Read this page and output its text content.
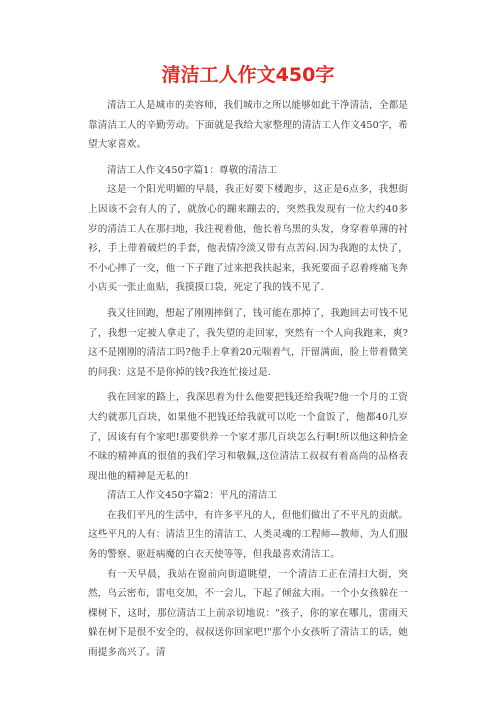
清洁工人作文450字

清洁工人是城市的美容师，我们城市之所以能够如此干净清洁，全都是靠清洁工人的辛勤劳动。下面就是我给大家整理的清洁工人作文450字，希望大家喜欢。

清洁工人作文450字篇1：尊敬的清洁工

这是一个阳光明媚的早晨，我正好要下楼跑步，这正是6点多，我想街上因该不会有人的了，就放心的蹦来蹦去的，突然我发现有一位大约40多岁的清洁工人在那扫地，我注视着他，他长着乌黑的头发，身穿着单薄的衬衫，手上带着破烂的手套，他表情冷淡又带有点苦闷.因为我跑的太快了，不小心摔了一交，他一下子跑了过来把我扶起来，我死要面子忍着疼痛飞奔小店买一张止血贴，我摸摸口袋，死定了我的钱不见了.

我又往回跑，想起了刚刚摔倒了，钱可能在那掉了，我跑回去可钱不见了，我想一定被人拿走了，我失望的走回家，突然有一个人向我跑来，爽?这不是刚刚的清洁工吗?他手上拿着20元喘着气，汗留满面，脸上带着微笑的问我：这是不是你掉的钱?我连忙接过是.

我在回家的路上，我深思着为什么他要把钱还给我呢?他一个月的工资大约就那几百块，如果他不把钱还给我就可以吃一个盒饭了，他都40几岁了，因该有有个家吧!那要供养一个家才那几百块怎么行啊!所以他这种拾金不昧的精神真的很值的我们学习和敬佩,这位清洁工叔叔有着高尚的品格表现出他的精神是无私的!

清洁工人作文450字篇2：平凡的清洁工

在我们平凡的生活中，有许多平凡的人，但他们做出了不平凡的贡献。这些平凡的人有：清洁卫生的清洁工、人类灵魂的工程师—教师、为人们服务的警察、驱赶病魔的白衣天使等等，但我最喜欢清洁工。

有一天早晨，我站在窗前向街道眺望，一个清洁工正在清扫大街，突然，乌云密布，雷电交加，不一会儿，下起了倾盆大雨。一个小女孩躲在一棵树下，这时，那位清洁工上前亲切地说："孩子，你的家在哪儿，雷雨天躲在树下是很不安全的，叔叔送你回家吧!"那个小女孩听了清洁工的话，她雨提多高兴了。清
